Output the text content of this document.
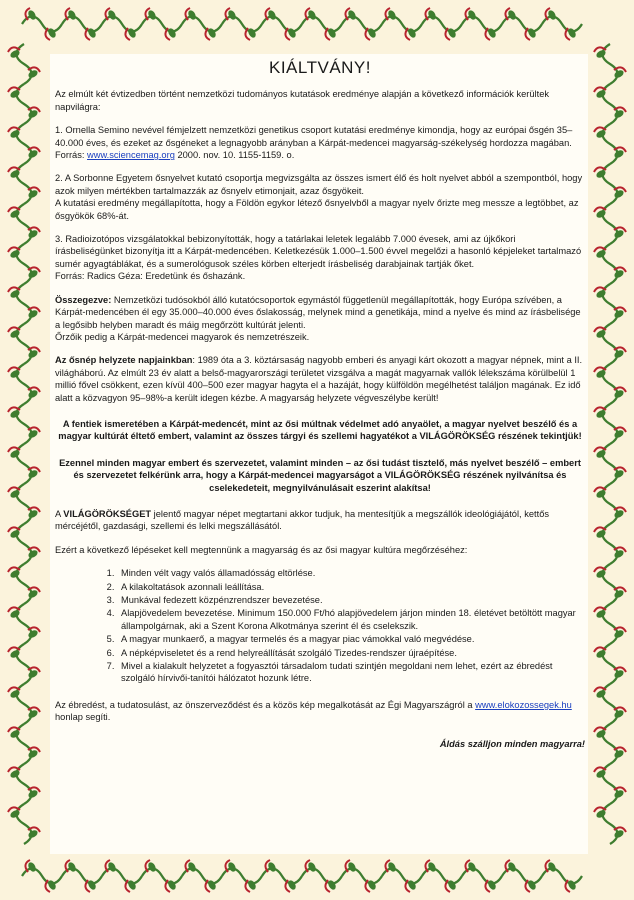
KIÁLTVÁNY!

Az elmúlt két évtizedben történt nemzetközi tudományos kutatások eredménye alapján a következő információk kerültek napvilágra:

1. Ornella Semino nevével fémjelzett nemzetközi genetikus csoport kutatási eredménye kimondja, hogy az európai ősgén 35–40.000 éves, és ezeket az ősgéneket a legnagyobb arányban a Kárpát-medencei magyarság-székelység hordozza magában. Forrás: www.sciencemag.org 2000. nov. 10. 1155-1159. o.

2. A Sorbonne Egyetem ősnyelvet kutató csoportja megvizsgálta az összes ismert élő és holt nyelvet abból a szempontból, hogy azok milyen mértékben tartalmazzák az ősnyelv etimonjait, azaz ősgyökeit.
A kutatási eredmény megállapította, hogy a Földön egykor létező ősnyelvből a magyar nyelv őrizte meg messze a legtöbbet, az ősgyökök 68%-át.

3. Radioizotópos vizsgálatokkal bebizonyították, hogy a tatárlakai leletek legalább 7.000 évesek, ami az újkőkori írásbeliségünket bizonyítja itt a Kárpát-medencében. Keletkezésük 1.000–1.500 évvel megelőzi a hasonló képjeleket tartalmazó sumér agyagtáblákat, és a sumerológusok széles körben elterjedt írásbeliség darabjainak tartják őket.
Forrás: Radics Géza: Eredetünk és őshazánk.

Összegezve: Nemzetközi tudósokból álló kutatócsoportok egymástól függetlenül megállapították, hogy Európa szívében, a Kárpát-medencében él egy 35.000–40.000 éves őslakosság, melynek mind a genetikája, mind a nyelve és mind az írásbelisége a legősibb helyben maradt és máig megőrzött kultúrát jelenti.
Őrzőik pedig a Kárpát-medencei magyarok és nemzetrészeik.

Az ősnép helyzete napjainkban: 1989 óta a 3. köztársaság nagyobb emberi és anyagi kárt okozott a magyar népnek, mint a II. világháború. Az elmúlt 23 év alatt a belső-magyarországi területet vizsgálva a magát magyarnak vallók lélekszáma körülbelül 1 millió fővel csökkent, ezen kívül 400–500 ezer magyar hagyta el a hazáját, hogy külföldön megélhetést találjon magának. Ez idő alatt a közvagyon 95–98%-a került idegen kézbe. A magyarság helyzete végveszélybe került!

A fentiek ismeretében a Kárpát-medencét, mint az ősi múltnak védelmet adó anyaölet, a magyar nyelvet beszélő és a magyar kultúrát éltető embert, valamint az összes tárgyi és szellemi hagyatékot a VILÁGÖRÖKSÉG részének tekintjük!

Ezennel minden magyar embert és szervezetet, valamint minden – az ősi tudást tisztelő, más nyelvet beszélő – embert és szervezetet felkérünk arra, hogy a Kárpát-medencei magyarságot a VILÁGÖRÖKSÉG részének nyilvánítsa és cselekedeteit, megnyilvánulásait eszerint alakítsa!

A VILÁGÖRÖKSÉGET jelentő magyar népet megtartani akkor tudjuk, ha mentesítjük a megszállók ideológiájától, kettős mércéjétől, gazdasági, szellemi és lelki megszállásától.

Ezért a következő lépéseket kell megtennünk a magyarság és az ősi magyar kultúra megőrzéséhez:

1. Minden vélt vagy valós államadósság eltörlése.
2. A kilakoltatások azonnali leállítása.
3. Munkával fedezett közpénzrendszer bevezetése.
4. Alapjövedelem bevezetése. Minimum 150.000 Ft/hó alapjövedelem járjon minden 18. életévet betöltött magyar állampolgárnak, aki a Szent Korona Alkotmánya szerint él és cselekszik.
5. A magyar munkaerő, a magyar termelés és a magyar piac vámokkal való megvédése.
6. A népképviseletet és a rend helyreállítását szolgáló Tizedes-rendszer újraépítése.
7. Mivel a kialakult helyzetet a fogyasztói társadalom tudati szintjén megoldani nem lehet, ezért az ébredést szolgáló hírvivői-tanítói hálózatot hozunk létre.

Az ébredést, a tudatosulást, az önszerveződést és a közös kép megalkotását az Égi Magyarszágról a www.elokozossegek.hu honlap segíti.

Áldás szálljon minden magyarra!
